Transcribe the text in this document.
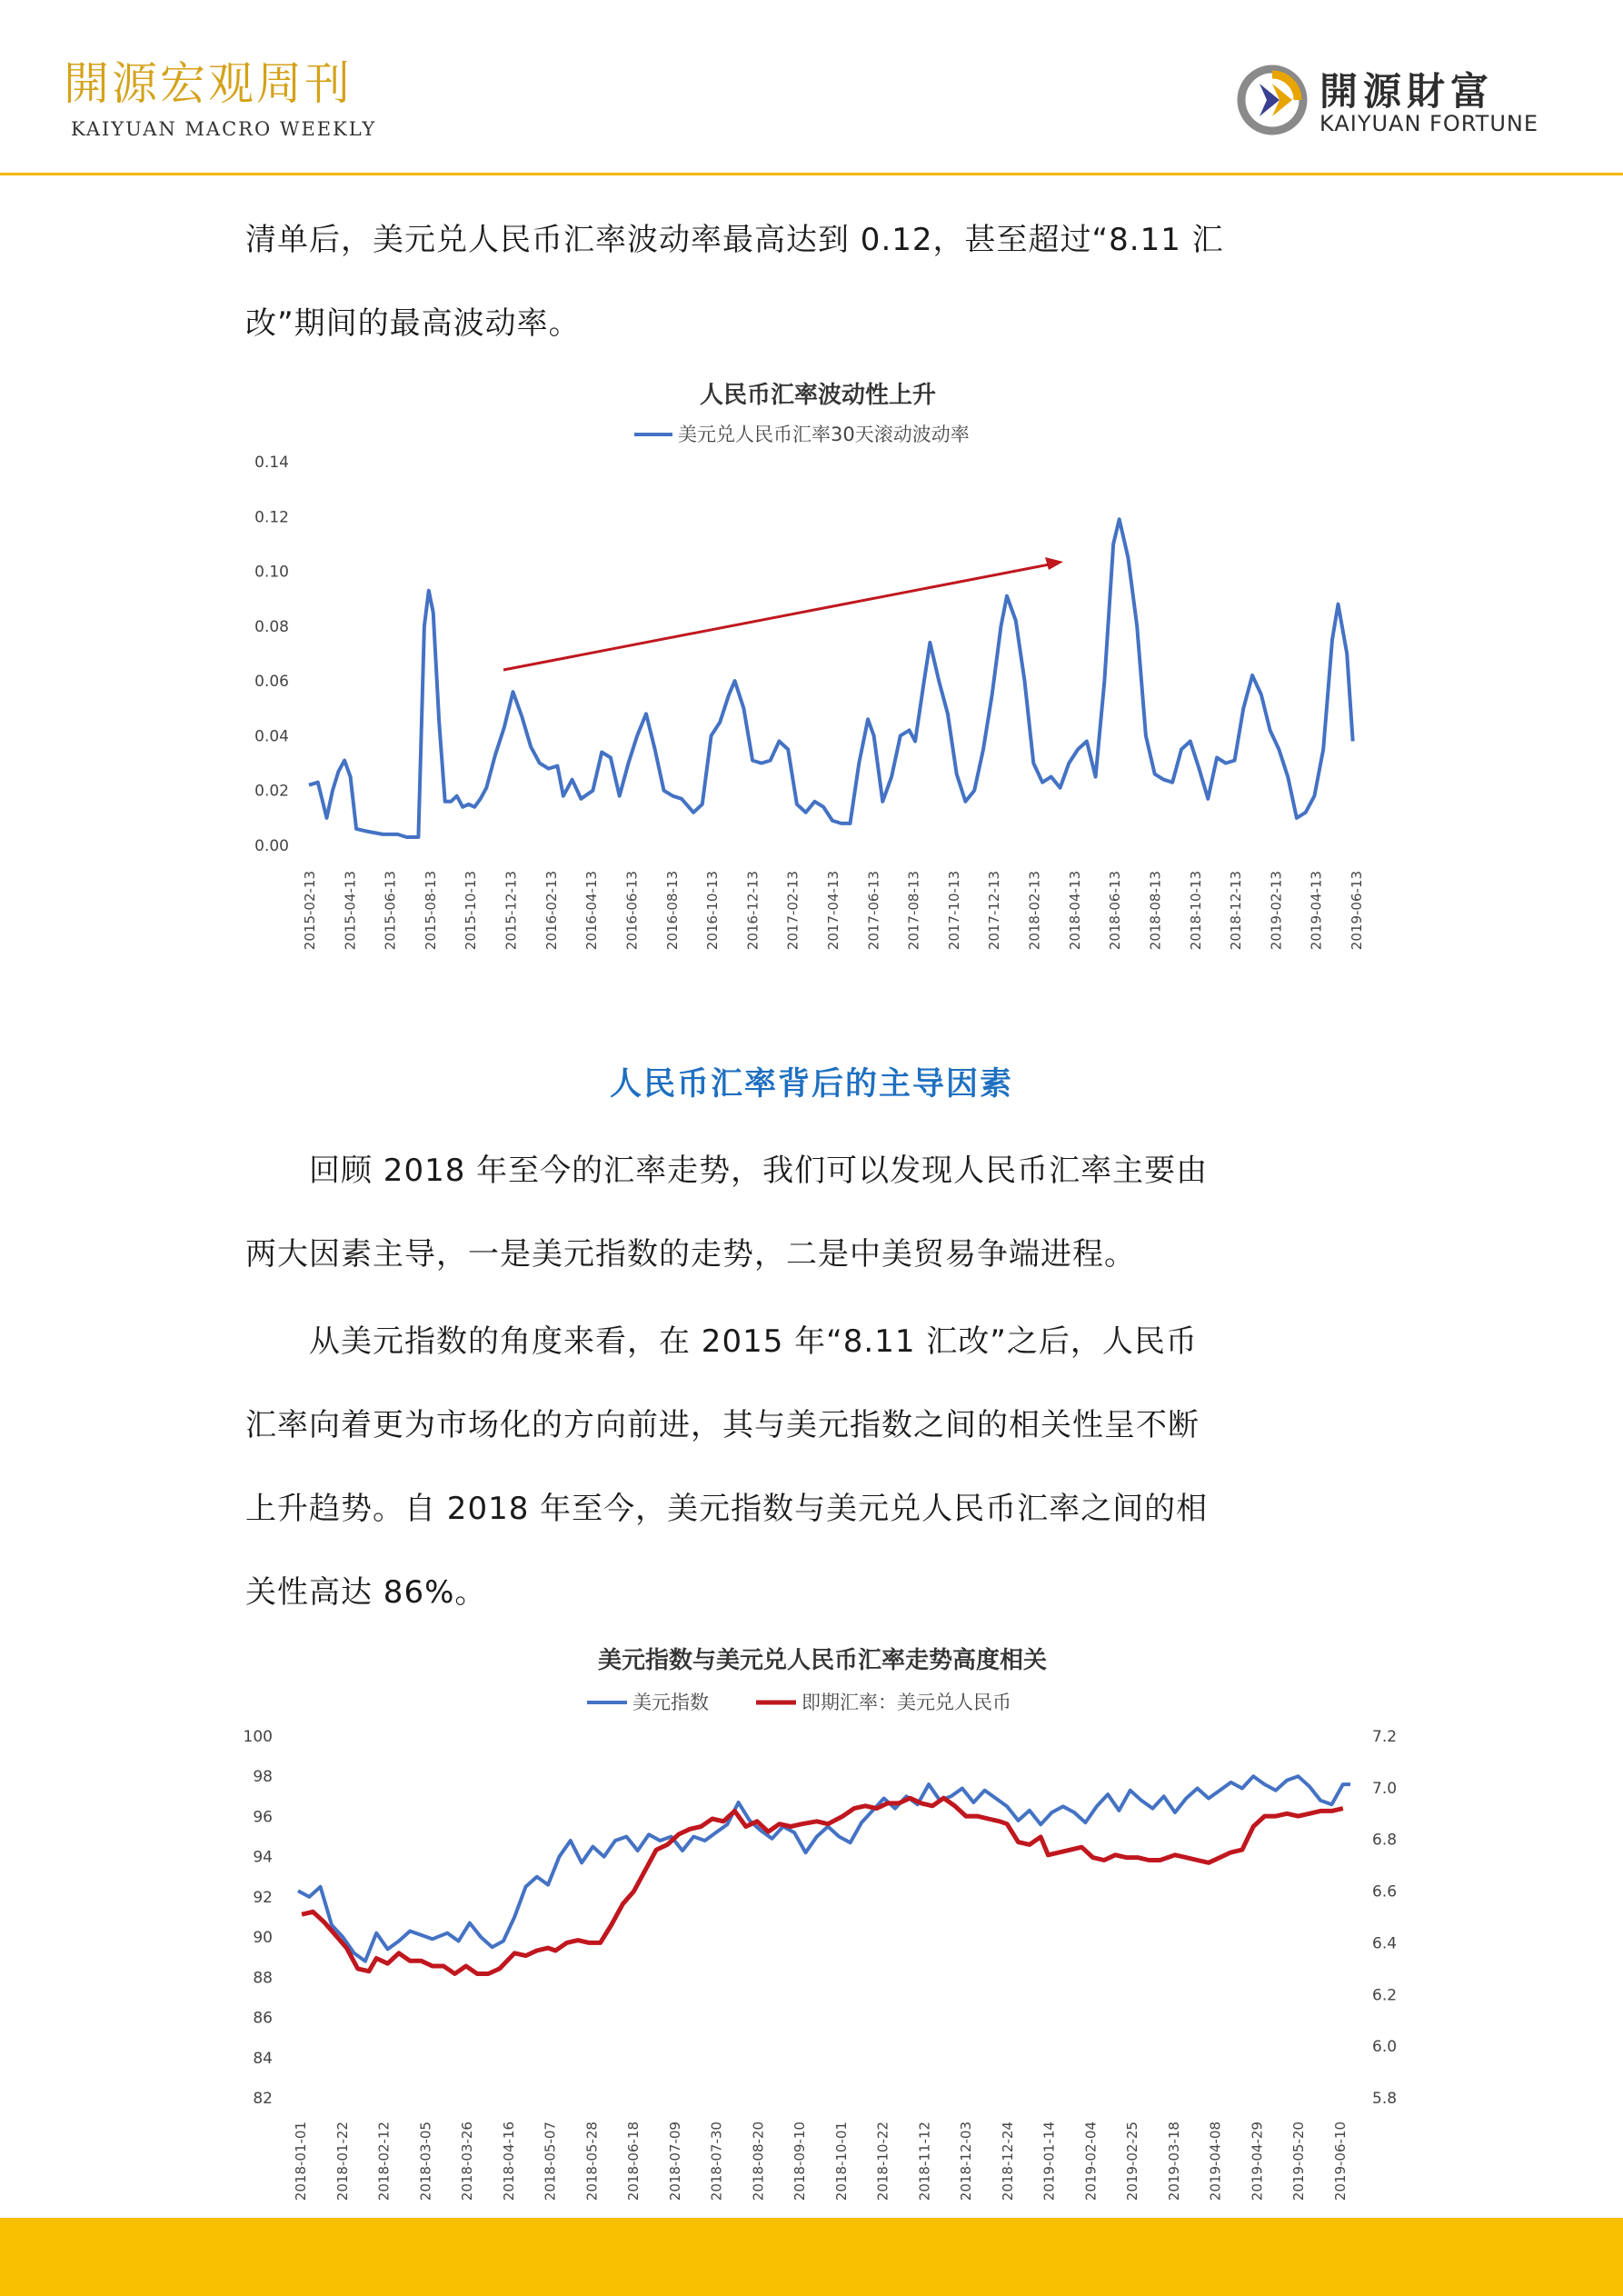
開源宏观周刊
KAIYUAN MACRO WEEKLY
開源財富
KAIYUAN FORTUNE

清单后，美元兑人民币汇率波动率最高达到 0.12，甚至超过“8.11 汇

改”期间的最高波动率。

人民币汇率波动性上升
美元兑人民币汇率30天滚动波动率
0.14
0.12
0.10
0.08
0.06
0.04
0.02
0.00
2015-02-13 2015-04-13 2015-06-13 2015-08-13 2015-10-13 2015-12-13 2016-02-13 2016-04-13 2016-06-13 2016-08-13 2016-10-13 2016-12-13 2017-02-13 2017-04-13 2017-06-13 2017-08-13 2017-10-13 2017-12-13 2018-02-13 2018-04-13 2018-06-13 2018-08-13 2018-10-13 2018-12-13 2019-02-13 2019-04-13 2019-06-13
人民币汇率背后的主导因素

　　回顾 2018 年至今的汇率走势，我们可以发现人民币汇率主要由

两大因素主导，一是美元指数的走势，二是中美贸易争端进程。

　　从美元指数的角度来看，在 2015 年“8.11 汇改”之后，人民币

汇率向着更为市场化的方向前进，其与美元指数之间的相关性呈不断

上升趋势。自 2018 年至今，美元指数与美元兑人民币汇率之间的相

关性高达 86%。

美元指数与美元兑人民币汇率走势高度相关
美元指数	即期汇率：美元兑人民币
100
98
96
94
92
90
88
86
84
82
7.2
7.0
6.8
6.6
6.4
6.2
6.0
5.8
2018-01-01 2018-01-22 2018-02-12 2018-03-05 2018-03-26 2018-04-16 2018-05-07 2018-05-28 2018-06-18 2018-07-09 2018-07-30 2018-08-20 2018-09-10 2018-10-01 2018-10-22 2018-11-12 2018-12-03 2018-12-24 2019-01-14 2019-02-04 2019-02-25 2019-03-18 2019-04-08 2019-04-29 2019-05-20 2019-06-10
